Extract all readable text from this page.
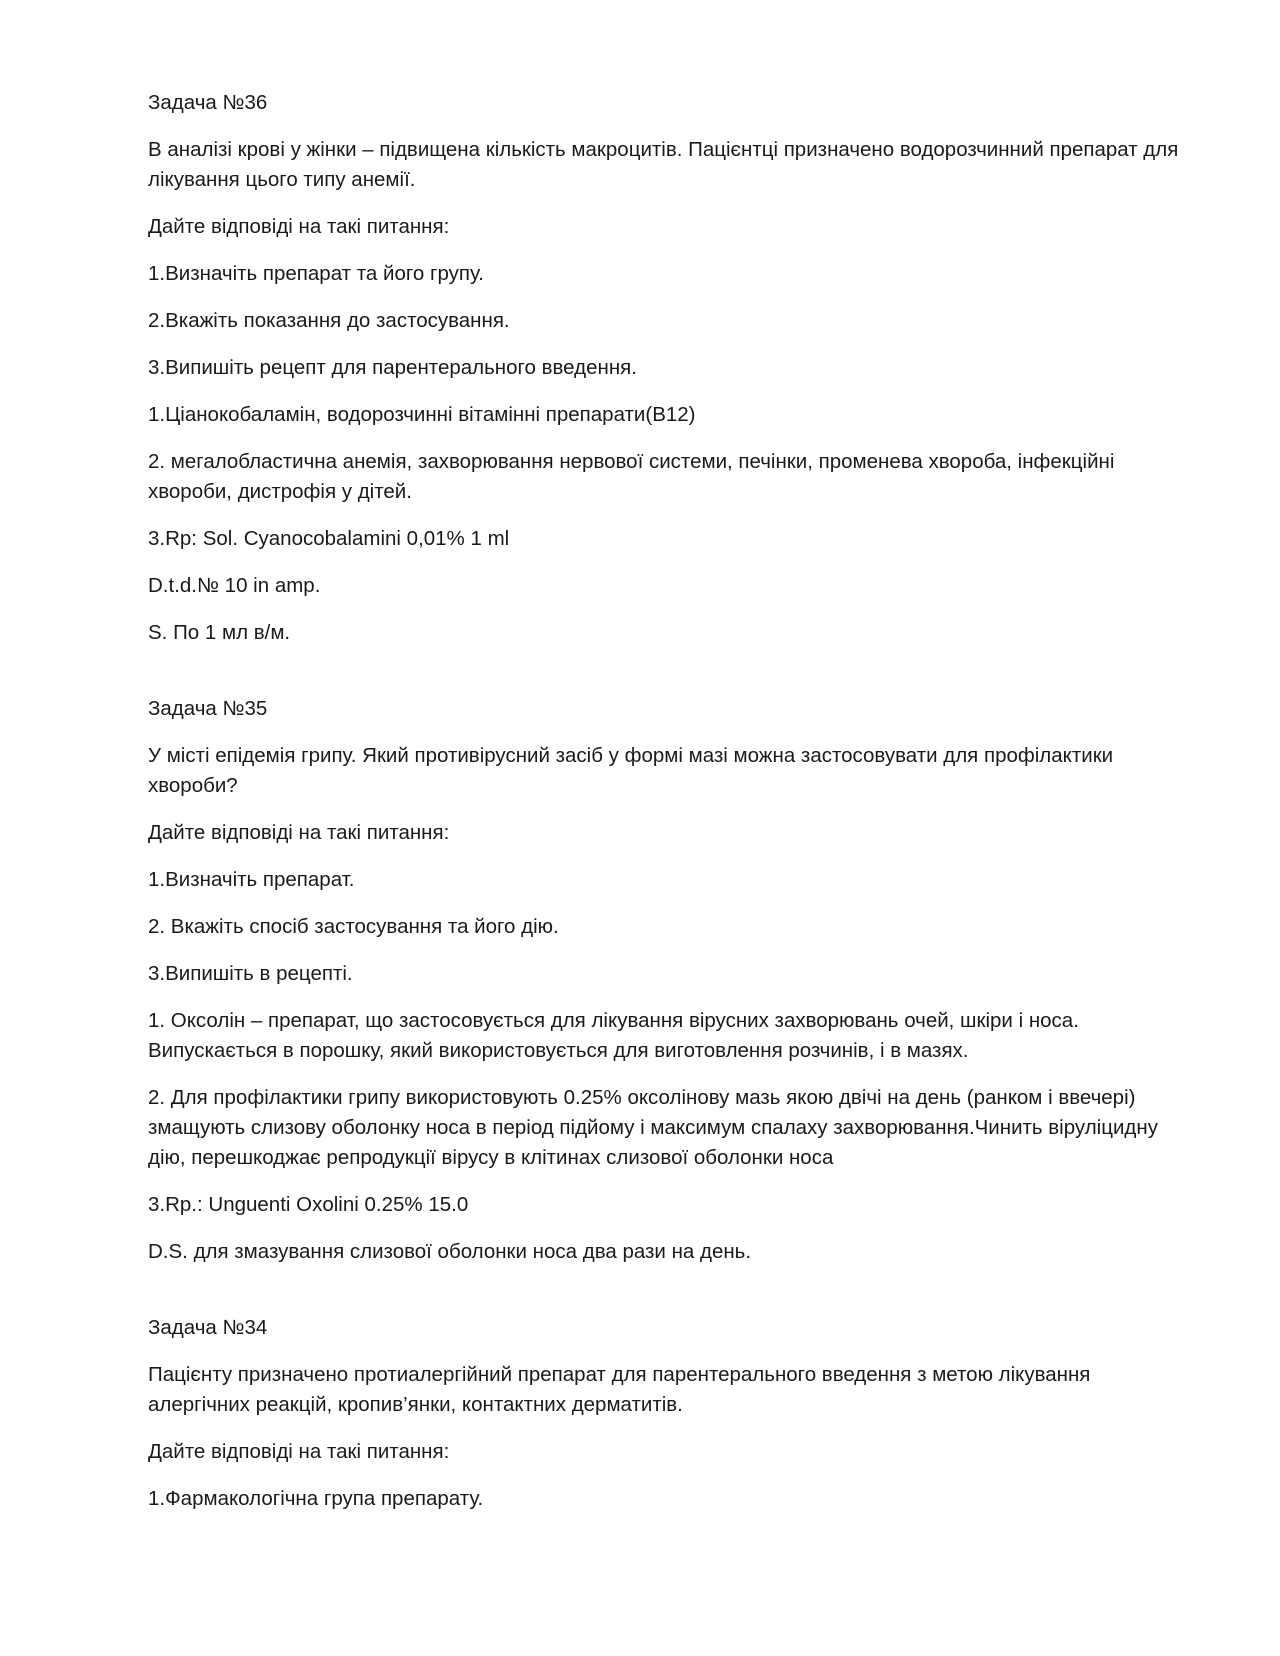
Задача №36

В аналізі крові у жінки – підвищена кількість макроцитів. Пацієнтці призначено водорозчинний препарат для лікування цього типу анемії.

Дайте відповіді на такі питання:

1.Визначіть препарат та його групу.

2.Вкажіть показання до застосування.

3.Випишіть рецепт для парентерального введення.

1.Ціанокобаламін, водорозчинні вітамінні препарати(В12)

2. мегалобластична анемія, захворювання нервової системи, печінки, променева хвороба, інфекційні хвороби, дистрофія у дітей.

3.Rp: Sol. Cyanocobalamini 0,01% 1 ml

D.t.d.№ 10 in amp.

S. По 1 мл в/м.

Задача №35

У місті епідемія грипу. Який противірусний засіб у формі мазі можна застосовувати для профілактики хвороби?

Дайте відповіді на такі питання:

1.Визначіть препарат.

2. Вкажіть спосіб застосування та його дію.

3.Випишіть в рецепті.

1. Оксолін – препарат, що застосовується для лікування вірусних захворювань очей, шкіри і носа. Випускається в порошку, який використовується для виготовлення розчинів, і в мазях.

2. Для профілактики грипу використовують 0.25% оксолінову мазь якою двічі на день (ранком і ввечері) змащують слизову оболонку носа в період підйому і максимум спалаху захворювання.Чинить віруліцидну дію, перешкоджає репродукції вірусу в клітинах слизової оболонки носа

3.Rp.: Unguenti Oxolini 0.25% 15.0

D.S. для змазування слизової оболонки носа два рази на день.

Задача №34

Пацієнту призначено протиалергійний препарат для парентерального введення з метою лікування алергічних реакцій, кропив’янки, контактних дерматитів.

Дайте відповіді на такі питання:

1.Фармакологічна група препарату.
